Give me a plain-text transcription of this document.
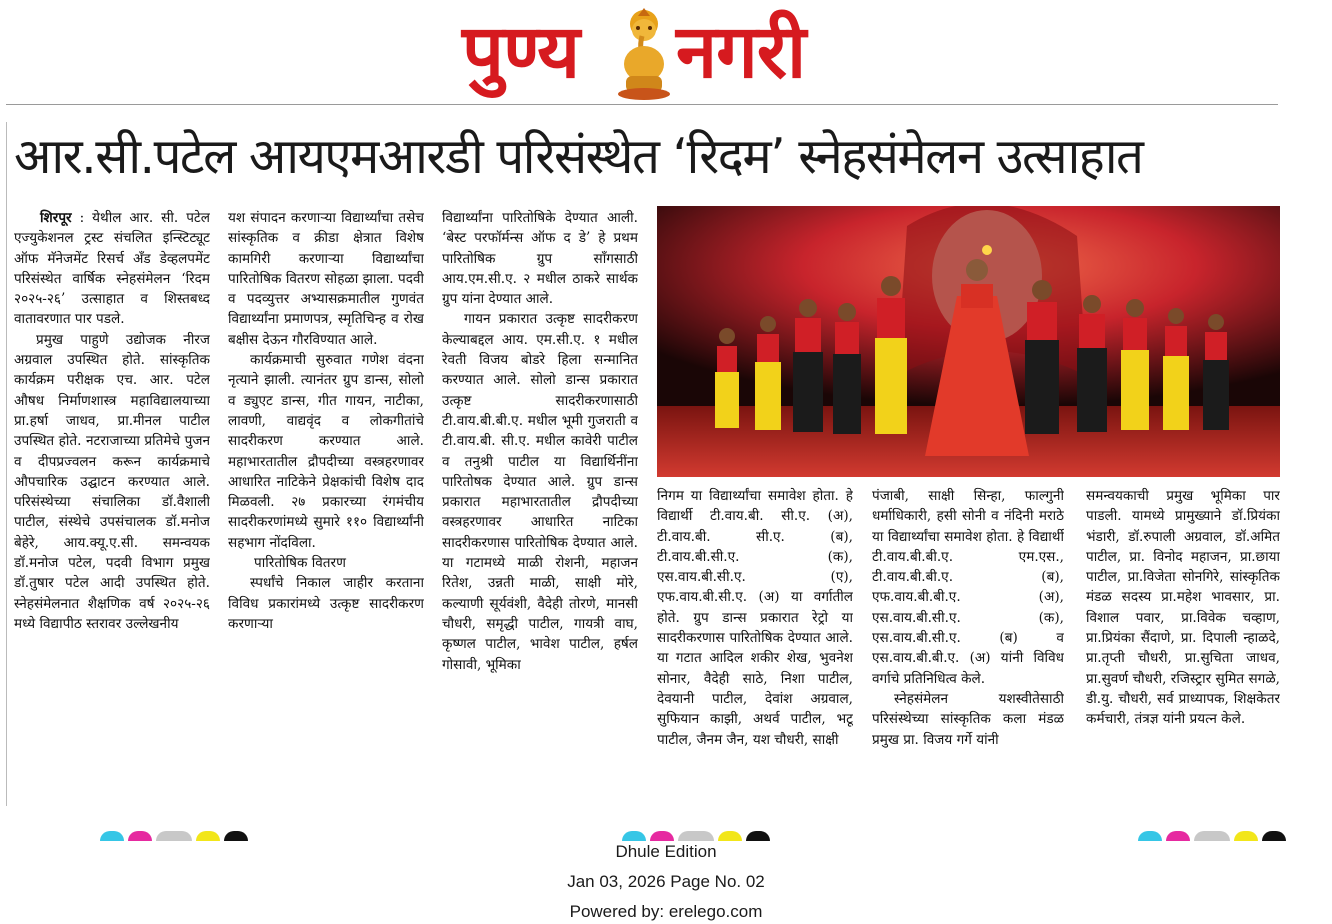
पुण्य नगरी
आर.सी.पटेल आयएमआरडी परिसंस्थेत ‘रिदम’ स्नेहसंमेलन उत्साहात

शिरपूर : येथील आर. सी. पटेल एज्युकेशनल ट्रस्ट संचलित इन्स्टिट्यूट ऑफ मॅनेजमेंट रिसर्च अँड डेव्हलपमेंट परिसंस्थेत वार्षिक स्नेहसंमेलन ‘रिदम २०२५-२६’ उत्साहात व शिस्तबध्द वातावरणात पार पडले.

प्रमुख पाहुणे उद्योजक नीरज अग्रवाल उपस्थित होते. सांस्कृतिक कार्यक्रम परीक्षक एच. आर. पटेल औषध निर्माणशास्त्र महाविद्यालयाच्या प्रा.हर्षा जाधव, प्रा.मीनल पाटील उपस्थित होते. नटराजाच्या प्रतिमेचे पुजन व दीपप्रज्वलन करून कार्यक्रमाचे औपचारिक उद्घाटन करण्यात आले. परिसंस्थेच्या संचालिका डॉ.वैशाली पाटील, संस्थेचे उपसंचालक डॉ.मनोज बेहेरे, आय.क्यू.ए.सी. समन्वयक डॉ.मनोज पटेल, पदवी विभाग प्रमुख डॉ.तुषार पटेल आदी उपस्थित होते. स्नेहसंमेलनात शैक्षणिक वर्ष २०२५-२६ मध्ये विद्यापीठ स्तरावर उल्लेखनीय

यश संपादन करणाऱ्या विद्यार्थ्यांचा तसेच सांस्कृतिक व क्रीडा क्षेत्रात विशेष कामगिरी करणाऱ्या विद्यार्थ्यांचा पारितोषिक वितरण सोहळा झाला. पदवी व पदव्युत्तर अभ्यासक्रमातील गुणवंत विद्यार्थ्यांना प्रमाणपत्र, स्मृतिचिन्ह व रोख बक्षीस देऊन गौरविण्यात आले.

कार्यक्रमाची सुरुवात गणेश वंदना नृत्याने झाली. त्यानंतर ग्रुप डान्स, सोलो व ड्युएट डान्स, गीत गायन, नाटीका, लावणी, वाद्यवृंद व लोकगीतांचे सादरीकरण करण्यात आले. महाभारतातील द्रौपदीच्या वस्त्रहरणावर आधारित नाटिकेने प्रेक्षकांची विशेष दाद मिळवली. २७ प्रकारच्या रंगमंचीय सादरीकरणांमध्ये सुमारे ११० विद्यार्थ्यांनी सहभाग नोंदविला.

पारितोषिक वितरण

स्पर्धांचे निकाल जाहीर करताना विविध प्रकारांमध्ये उत्कृष्ट सादरीकरण करणाऱ्या

विद्यार्थ्यांना पारितोषिके देण्यात आली. ‘बेस्ट परफॉर्मन्स ऑफ द डे’ हे प्रथम पारितोषिक ग्रुप साँगसाठी आय.एम.सी.ए. २ मधील ठाकरे सार्थक ग्रुप यांना देण्यात आले.

गायन प्रकारात उत्कृष्ट सादरीकरण केल्याबद्दल आय. एम.सी.ए. १ मधील रेवती विजय बोडरे हिला सन्मानित करण्यात आले. सोलो डान्स प्रकारात उत्कृष्ट सादरीकरणासाठी टी.वाय.बी.बी.ए. मधील भूमी गुजराती व टी.वाय.बी. सी.ए. मधील कावेरी पाटील व तनुश्री पाटील या विद्यार्थिनींना पारितोषक देण्यात आले. ग्रुप डान्स प्रकारात महाभारतातील द्रौपदीच्या वस्त्रहरणावर आधारित नाटिका सादरीकरणास पारितोषिक देण्यात आले. या गटामध्ये माळी रोशनी, महाजन रितेश, उन्नती माळी, साक्षी मोरे, कल्याणी सूर्यवंशी, वैदेही तोरणे, मानसी चौधरी, समृद्धी पाटील, गायत्री वाघ, कृष्णल पाटील, भावेश पाटील, हर्षल गोसावी, भूमिका

निगम या विद्यार्थ्यांचा समावेश होता. हे विद्यार्थी टी.वाय.बी. सी.ए. (अ), टी.वाय.बी. सी.ए. (ब), टी.वाय.बी.सी.ए. (क), एस.वाय.बी.सी.ए. (ए), एफ.वाय.बी.सी.ए. (अ) या वर्गातील होते. ग्रुप डान्स प्रकारात रेट्रो या सादरीकरणास पारितोषिक देण्यात आले. या गटात आदिल शकीर शेख, भुवनेश सोनार, वैदेही साठे, निशा पाटील, देवयानी पाटील, देवांश अग्रवाल, सुफियान काझी, अथर्व पाटील, भटू पाटील, जैनम जैन, यश चौधरी, साक्षी

पंजाबी, साक्षी सिन्हा, फाल्गुनी धर्माधिकारी, हसी सोनी व नंदिनी मराठे या विद्यार्थ्यांचा समावेश होता. हे विद्यार्थी टी.वाय.बी.बी.ए. एम.एस., टी.वाय.बी.बी.ए. (ब), एफ.वाय.बी.बी.ए. (अ), एस.वाय.बी.सी.ए. (क), एस.वाय.बी.सी.ए. (ब) व एस.वाय.बी.बी.ए. (अ) यांनी विविध वर्गाचे प्रतिनिधित्व केले.

स्नेहसंमेलन यशस्वीतेसाठी परिसंस्थेच्या सांस्कृतिक कला मंडळ प्रमुख प्रा. विजय गर्गे यांनी

समन्वयकाची प्रमुख भूमिका पार पाडली. यामध्ये प्रामुख्याने डॉ.प्रियंका भंडारी, डॉ.रुपाली अग्रवाल, डॉ.अमित पाटील, प्रा. विनोद महाजन, प्रा.छाया पाटील, प्रा.विजेता सोनगिरे, सांस्कृतिक मंडळ सदस्य प्रा.महेश भावसार, प्रा. विशाल पवार, प्रा.विवेक चव्हाण, प्रा.प्रियंका सैंदाणे, प्रा. दिपाली न्हाळदे, प्रा.तृप्ती चौधरी, प्रा.सुचिता जाधव, प्रा.सुवर्ण चौधरी, रजिस्ट्रार सुमित सगळे, डी.यु. चौधरी, सर्व प्राध्यापक, शिक्षकेतर कर्मचारी, तंत्रज्ञ यांनी प्रयत्न केले.

Dhule Edition
Jan 03, 2026 Page No. 02
Powered by: erelego.com
